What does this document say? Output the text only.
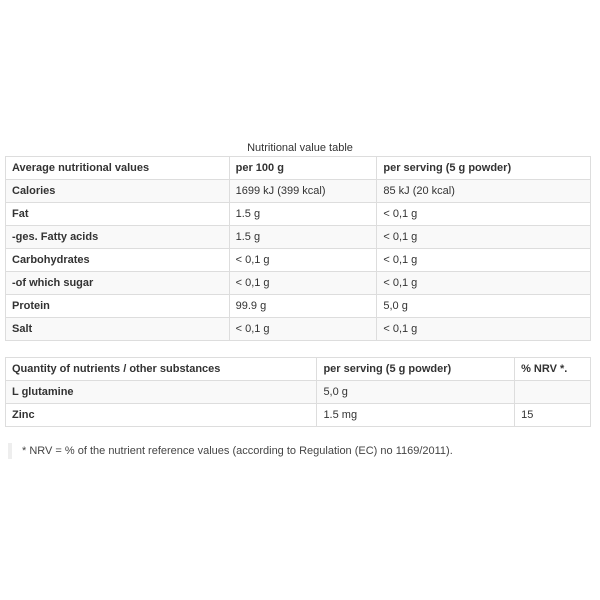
Nutritional value table
Average nutritional values	per 100 g	per serving (5 g powder)
Calories	1699 kJ (399 kcal)	85 kJ (20 kcal)
Fat	1.5 g	< 0,1 g
-ges. Fatty acids	1.5 g	< 0,1 g
Carbohydrates	< 0,1 g	< 0,1 g
-of which sugar	< 0,1 g	< 0,1 g
Protein	99.9 g	5,0 g
Salt	< 0,1 g	< 0,1 g
Quantity of nutrients / other substances	per serving (5 g powder)	% NRV *.
L glutamine	5,0 g	
Zinc	1.5 mg	15
* NRV = % of the nutrient reference values (according to Regulation (EC) no 1169/2011).
